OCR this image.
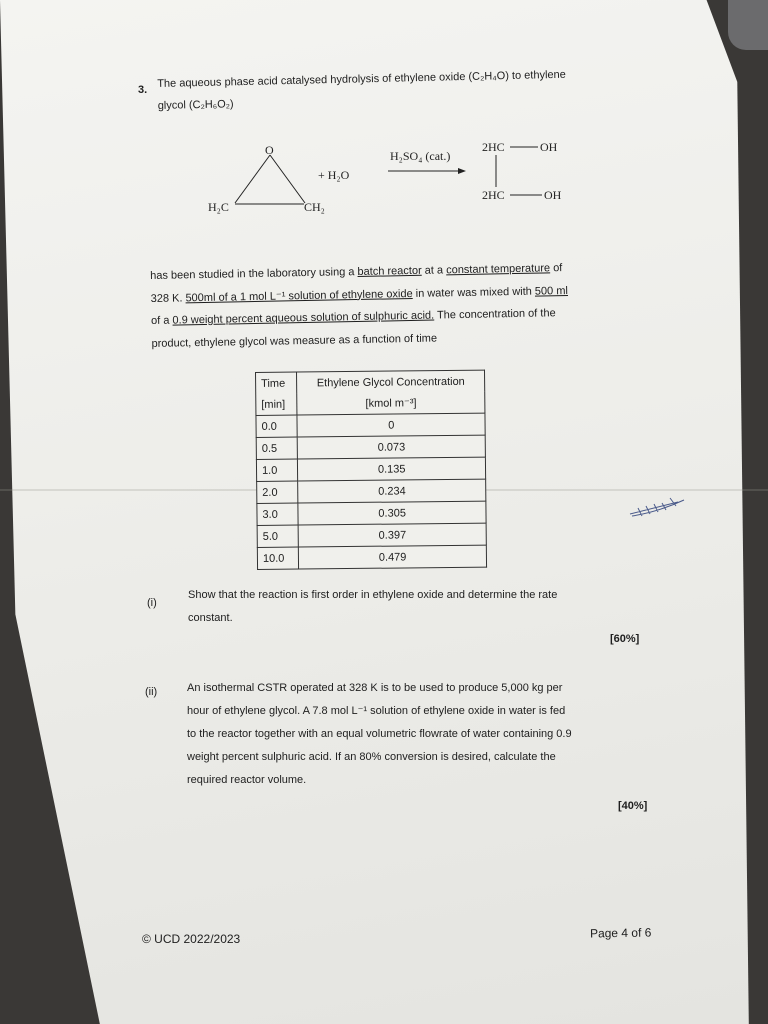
3.
The aqueous phase acid catalysed hydrolysis of ethylene oxide (C₂H₄O) to ethylene
glycol (C₂H₆O₂)
O
H₂C	CH₂
+ H₂O
H₂SO₄ (cat.)
2HC	OH
2HC	OH
has been studied in the laboratory using a batch reactor at a constant temperature of
328 K. 500ml of a 1 mol L⁻¹ solution of ethylene oxide in water was mixed with 500 ml
of a 0.9 weight percent aqueous solution of sulphuric acid. The concentration of the
product, ethylene glycol was measure as a function of time
Time	Ethylene Glycol Concentration
[min]	[kmol m⁻³]
0.0	0
0.5	0.073
1.0	0.135
2.0	0.234
3.0	0.305
5.0	0.397
10.0	0.479
(i)
Show that the reaction is first order in ethylene oxide and determine the rate
constant.
[60%]
(ii)	An isothermal CSTR operated at 328 K is to be used to produce 5,000 kg per
hour of ethylene glycol. A 7.8 mol L⁻¹ solution of ethylene oxide in water is fed
to the reactor together with an equal volumetric flowrate of water containing 0.9
weight percent sulphuric acid. If an 80% conversion is desired, calculate the
required reactor volume.
[40%]
© UCD 2022/2023	Page 4 of 6
